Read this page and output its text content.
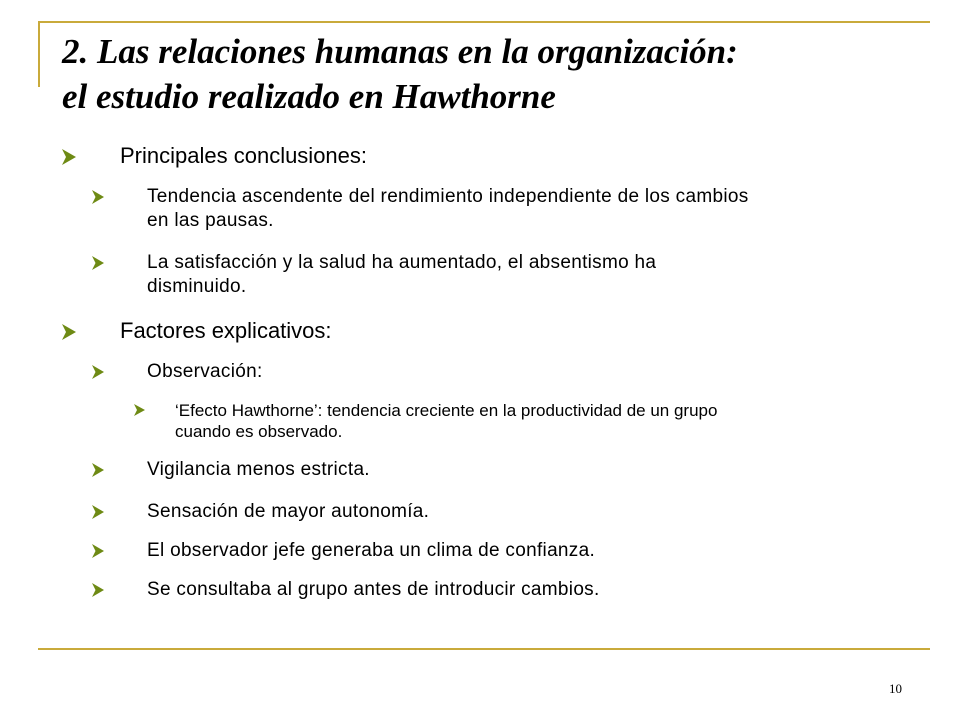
2. Las relaciones humanas en la organización:
el estudio realizado en Hawthorne
Principales conclusiones:
Tendencia ascendente del rendimiento independiente de los cambios
en las pausas.
La satisfacción y la salud ha aumentado, el absentismo ha
disminuido.
Factores explicativos:
Observación:
‘Efecto Hawthorne’: tendencia creciente en la productividad de un grupo
cuando es observado.
Vigilancia menos estricta.
Sensación de mayor autonomía.
El observador jefe generaba un clima de confianza.
Se consultaba al grupo antes de introducir cambios.
10
